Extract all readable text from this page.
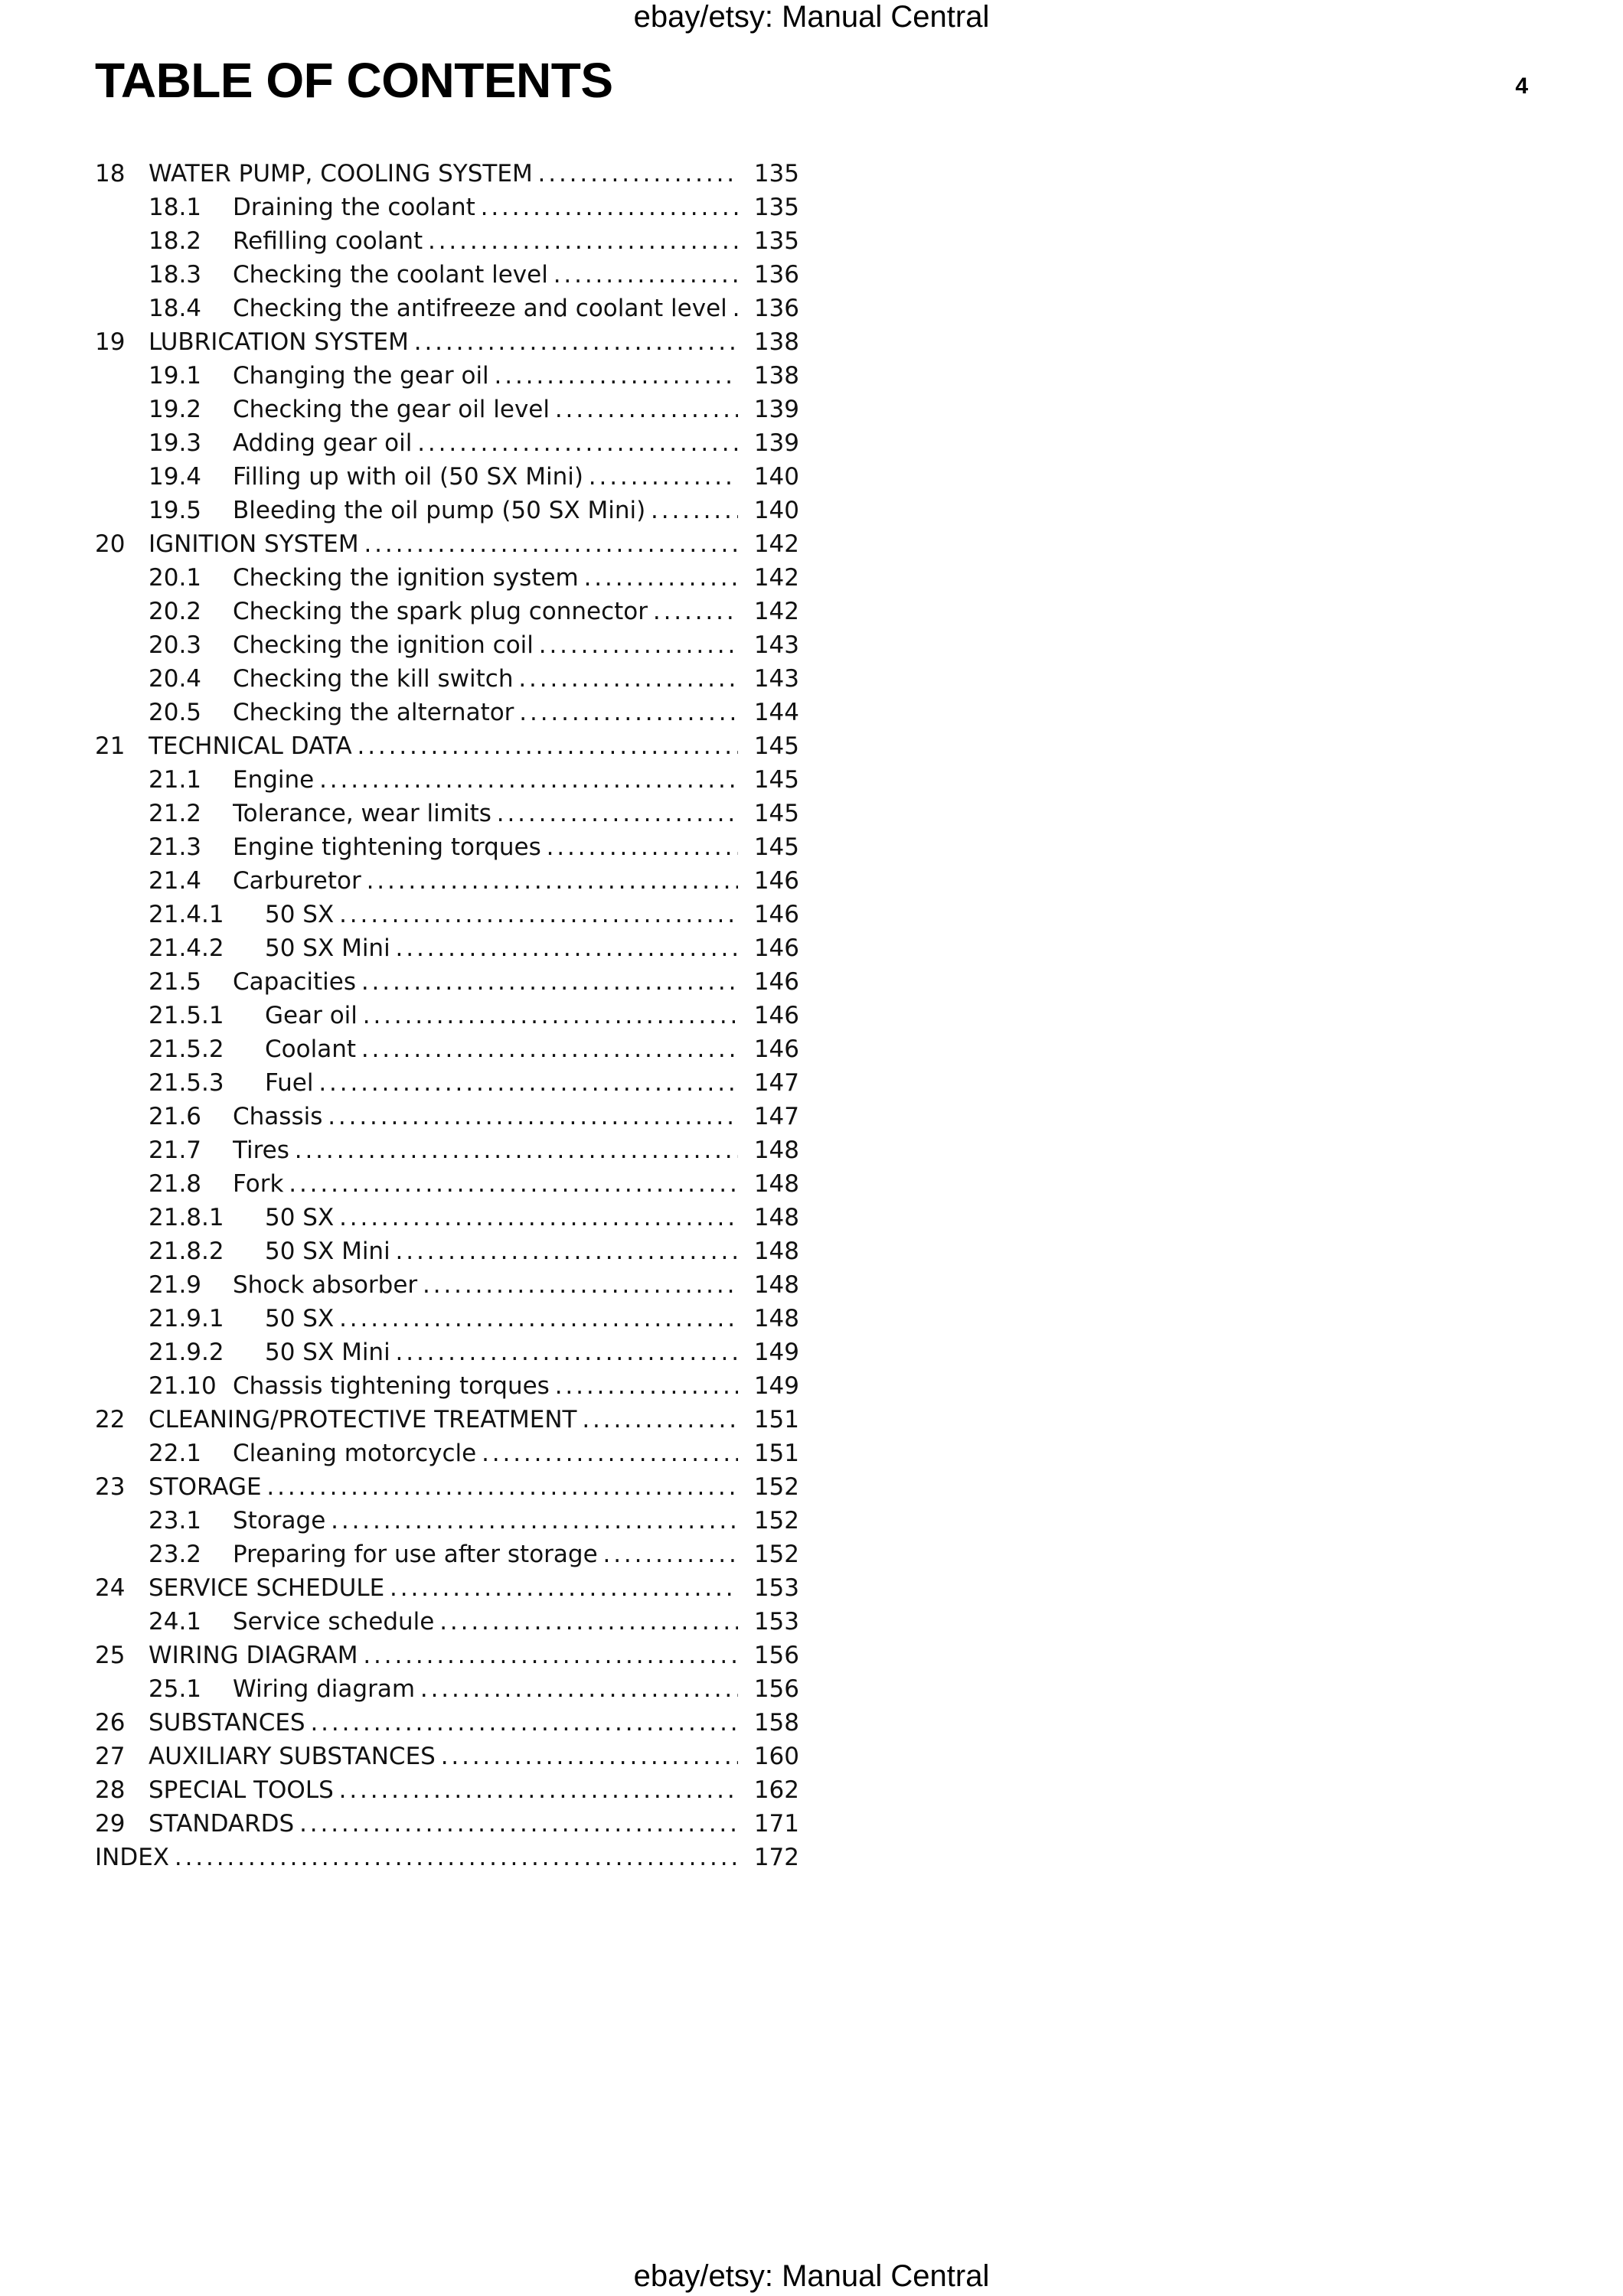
ebay/etsy: Manual Central
TABLE OF CONTENTS	4
18 WATER PUMP, COOLING SYSTEM . . .	135
18.1 Draining the coolant . . .	135
18.2 Refilling coolant . . .	135
18.3 Checking the coolant level . . .	136
18.4 Checking the antifreeze and coolant level . . .	136
19 LUBRICATION SYSTEM . . .	138
19.1 Changing the gear oil . . .	138
19.2 Checking the gear oil level . . .	139
19.3 Adding gear oil . . .	139
19.4 Filling up with oil (50 SX Mini) . . .	140
19.5 Bleeding the oil pump (50 SX Mini) . . .	140
20 IGNITION SYSTEM . . .	142
20.1 Checking the ignition system . . .	142
20.2 Checking the spark plug connector . . .	142
20.3 Checking the ignition coil . . .	143
20.4 Checking the kill switch . . .	143
20.5 Checking the alternator . . .	144
21 TECHNICAL DATA . . .	145
21.1 Engine . . .	145
21.2 Tolerance, wear limits . . .	145
21.3 Engine tightening torques . . .	145
21.4 Carburetor . . .	146
21.4.1 50 SX . . .	146
21.4.2 50 SX Mini . . .	146
21.5 Capacities . . .	146
21.5.1 Gear oil . . .	146
21.5.2 Coolant . . .	146
21.5.3 Fuel . . .	147
21.6 Chassis . . .	147
21.7 Tires . . .	148
21.8 Fork . . .	148
21.8.1 50 SX . . .	148
21.8.2 50 SX Mini . . .	148
21.9 Shock absorber . . .	148
21.9.1 50 SX . . .	148
21.9.2 50 SX Mini . . .	149
21.10 Chassis tightening torques . . .	149
22 CLEANING/PROTECTIVE TREATMENT . . .	151
22.1 Cleaning motorcycle . . .	151
23 STORAGE . . .	152
23.1 Storage . . .	152
23.2 Preparing for use after storage . . .	152
24 SERVICE SCHEDULE . . .	153
24.1 Service schedule . . .	153
25 WIRING DIAGRAM . . .	156
25.1 Wiring diagram . . .	156
26 SUBSTANCES . . .	158
27 AUXILIARY SUBSTANCES . . .	160
28 SPECIAL TOOLS . . .	162
29 STANDARDS . . .	171
INDEX . . .	172
ebay/etsy: Manual Central
